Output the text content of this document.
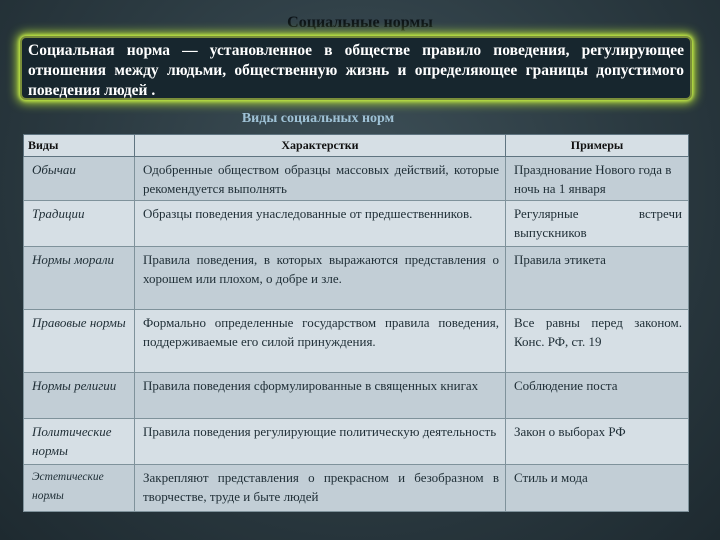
Социальные нормы
Социальная норма — установленное в обществе правило поведения, регулирующее отношения между людьми, общественную жизнь и определяющее границы допустимого поведения людей .
Виды социальных норм
Виды	Характерстки	Примеры
Обычаи	Одобренные обществом образцы массовых действий, которые рекомендуется выполнять	Празднование Нового года в ночь на 1 января
Традиции	Образцы поведения унаследованные от предшественников.	Регулярные встречи выпускников
Нормы морали	Правила поведения, в которых выражаются представления о хорошем или плохом, о добре и зле.	Правила этикета
Правовые нормы	Формально определенные государством правила поведения, поддерживаемые его силой принуждения.	Все равны перед законом. Конс. РФ, ст. 19
Нормы религии	Правила поведения сформулированные в священных книгах	Соблюдение поста
Политические нормы	Правила поведения регулирующие политическую деятельность	Закон о выборах РФ
Эстетические нормы	Закрепляют представления о прекрасном и безобразном в творчестве, труде и быте людей	Стиль и мода
